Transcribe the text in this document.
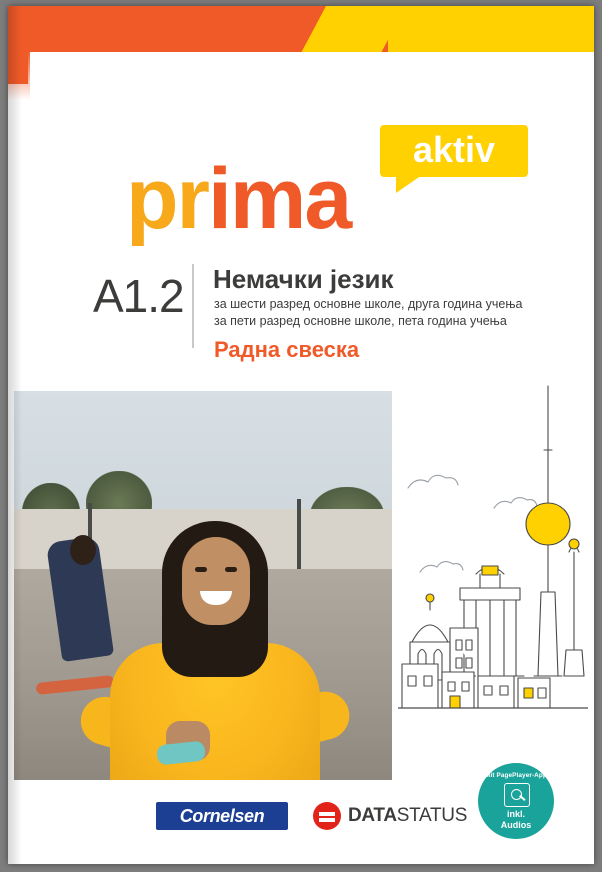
aktiv
prima
A1.2 Немачки језик
за шести разред основне школе, друга година учења
за пети разред основне школе, пета година учења
Радна свеска
Cornelsen	DATASTATUS
Mit PagePlayer-App
inkl.
Audios
